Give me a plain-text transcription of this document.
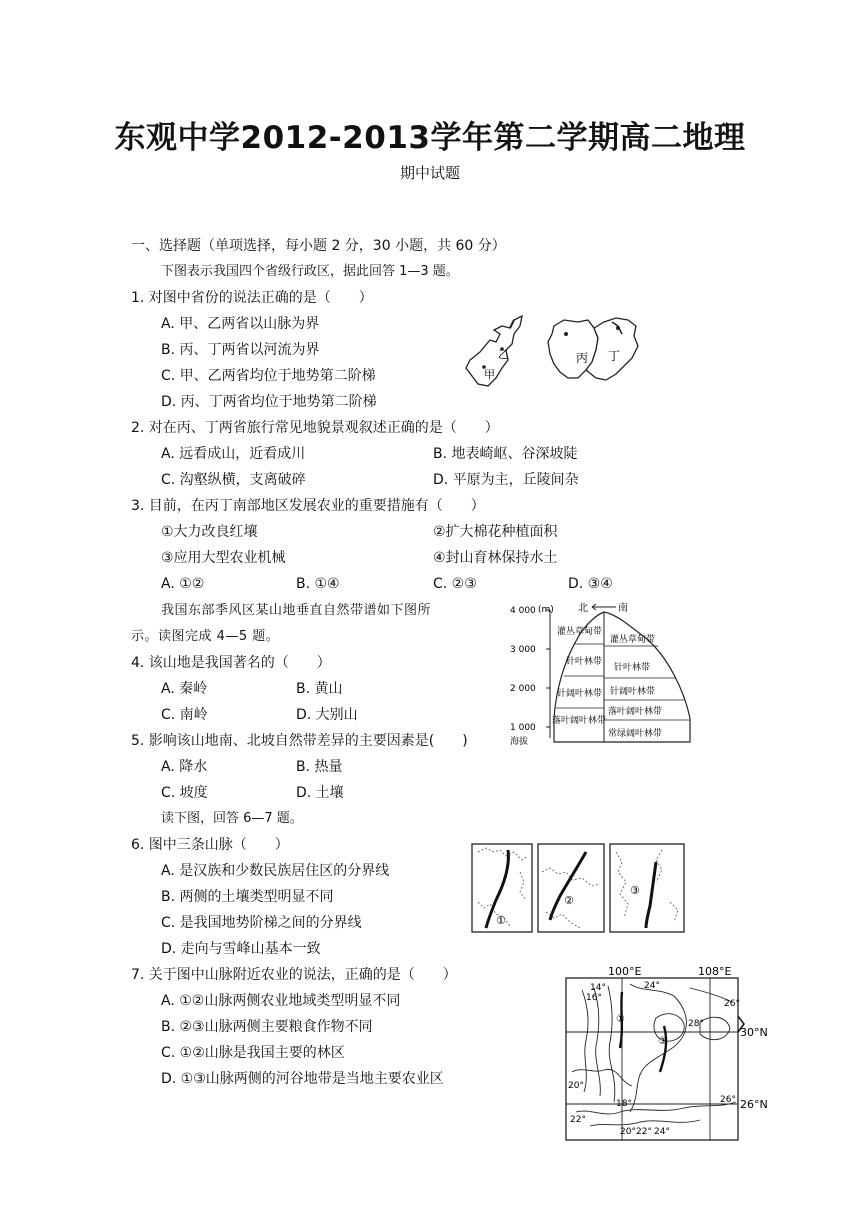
东观中学2012-2013学年第二学期高二地理
期中试题
一、选择题（单项选择，每小题 2 分，30 小题，共 60 分）
下图表示我国四个省级行政区，据此回答 1—3 题。
1. 对图中省份的说法正确的是（　　）
A. 甲、乙两省以山脉为界
B. 丙、丁两省以河流为界
C. 甲、乙两省均位于地势第二阶梯
D. 丙、丁两省均位于地势第二阶梯
2. 对在丙、丁两省旅行常见地貌景观叙述正确的是（　　）
A. 远看成山，近看成川	B. 地表崎岖、谷深坡陡
C. 沟壑纵横，支离破碎	D. 平原为主，丘陵间杂
3. 目前，在丙丁南部地区发展农业的重要措施有（　　）
①大力改良红壤	②扩大棉花种植面积
③应用大型农业机械	④封山育林保持水土
A. ①②	B. ①④	C. ②③	D. ③④
我国东部季风区某山地垂直自然带谱如下图所
示。读图完成 4—5 题。
4. 该山地是我国著名的（　　）
A. 秦岭	B. 黄山
C. 南岭	D. 大别山
5. 影响该山地南、北坡自然带差异的主要因素是(　　)
A. 降水	B. 热量
C. 坡度	D. 土壤
读下图，回答 6—7 题。
6. 图中三条山脉（　　）
A. 是汉族和少数民族居住区的分界线
B. 两侧的土壤类型明显不同
C. 是我国地势阶梯之间的分界线
D. 走向与雪峰山基本一致
7. 关于图中山脉附近农业的说法，正确的是（　　）
A. ①②山脉两侧农业地域类型明显不同
B. ②③山脉两侧主要粮食作物不同
C. ①②山脉是我国主要的林区
D. ①③山脉两侧的河谷地带是当地主要农业区
甲
乙	丙 丁
(m) 北	南
4 000
3 000
2 000
1 000
海拔
灌丛草甸带
针叶林带
针阔叶林带
落叶阔叶林带
灌丛草甸带
针叶林带
针阔叶林带
落叶阔叶林带
常绿阔叶林带
①
②
③
100°E	108°E
30°N
26°N
14°
16°
24°
26°
28°
20°
18°
22°
20° 22° 24°
26°
①
③
